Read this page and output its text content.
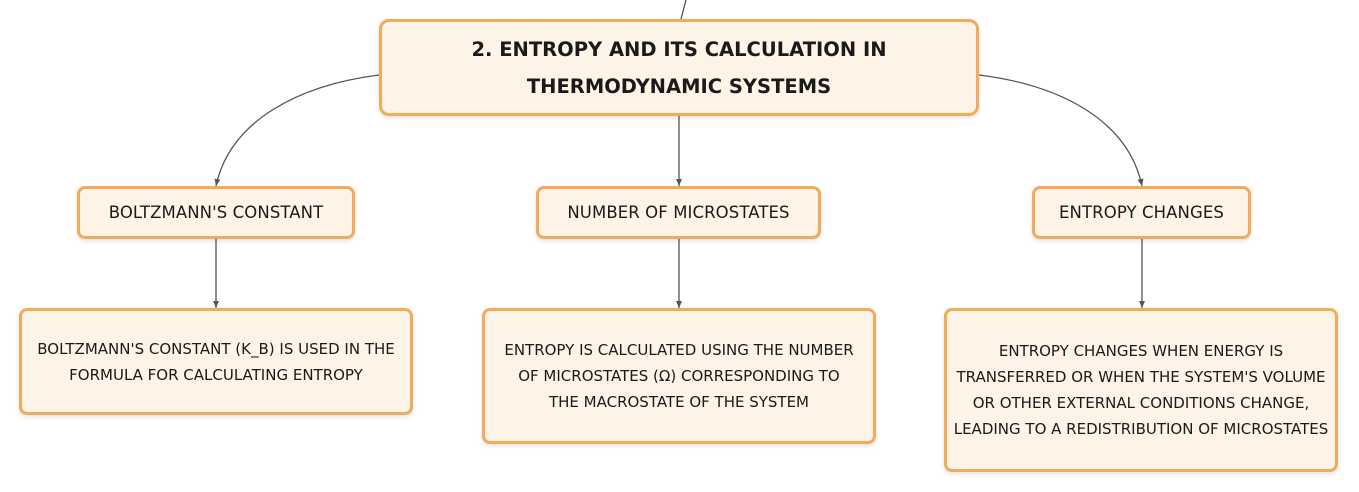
2. ENTROPY AND ITS CALCULATION IN THERMODYNAMIC SYSTEMS
BOLTZMANN'S CONSTANT	NUMBER OF MICROSTATES	ENTROPY CHANGES
BOLTZMANN'S CONSTANT (K_B) IS USED IN THE FORMULA FOR CALCULATING ENTROPY
ENTROPY IS CALCULATED USING THE NUMBER OF MICROSTATES (Ω) CORRESPONDING TO THE MACROSTATE OF THE SYSTEM
ENTROPY CHANGES WHEN ENERGY IS TRANSFERRED OR WHEN THE SYSTEM'S VOLUME OR OTHER EXTERNAL CONDITIONS CHANGE, LEADING TO A REDISTRIBUTION OF MICROSTATES
